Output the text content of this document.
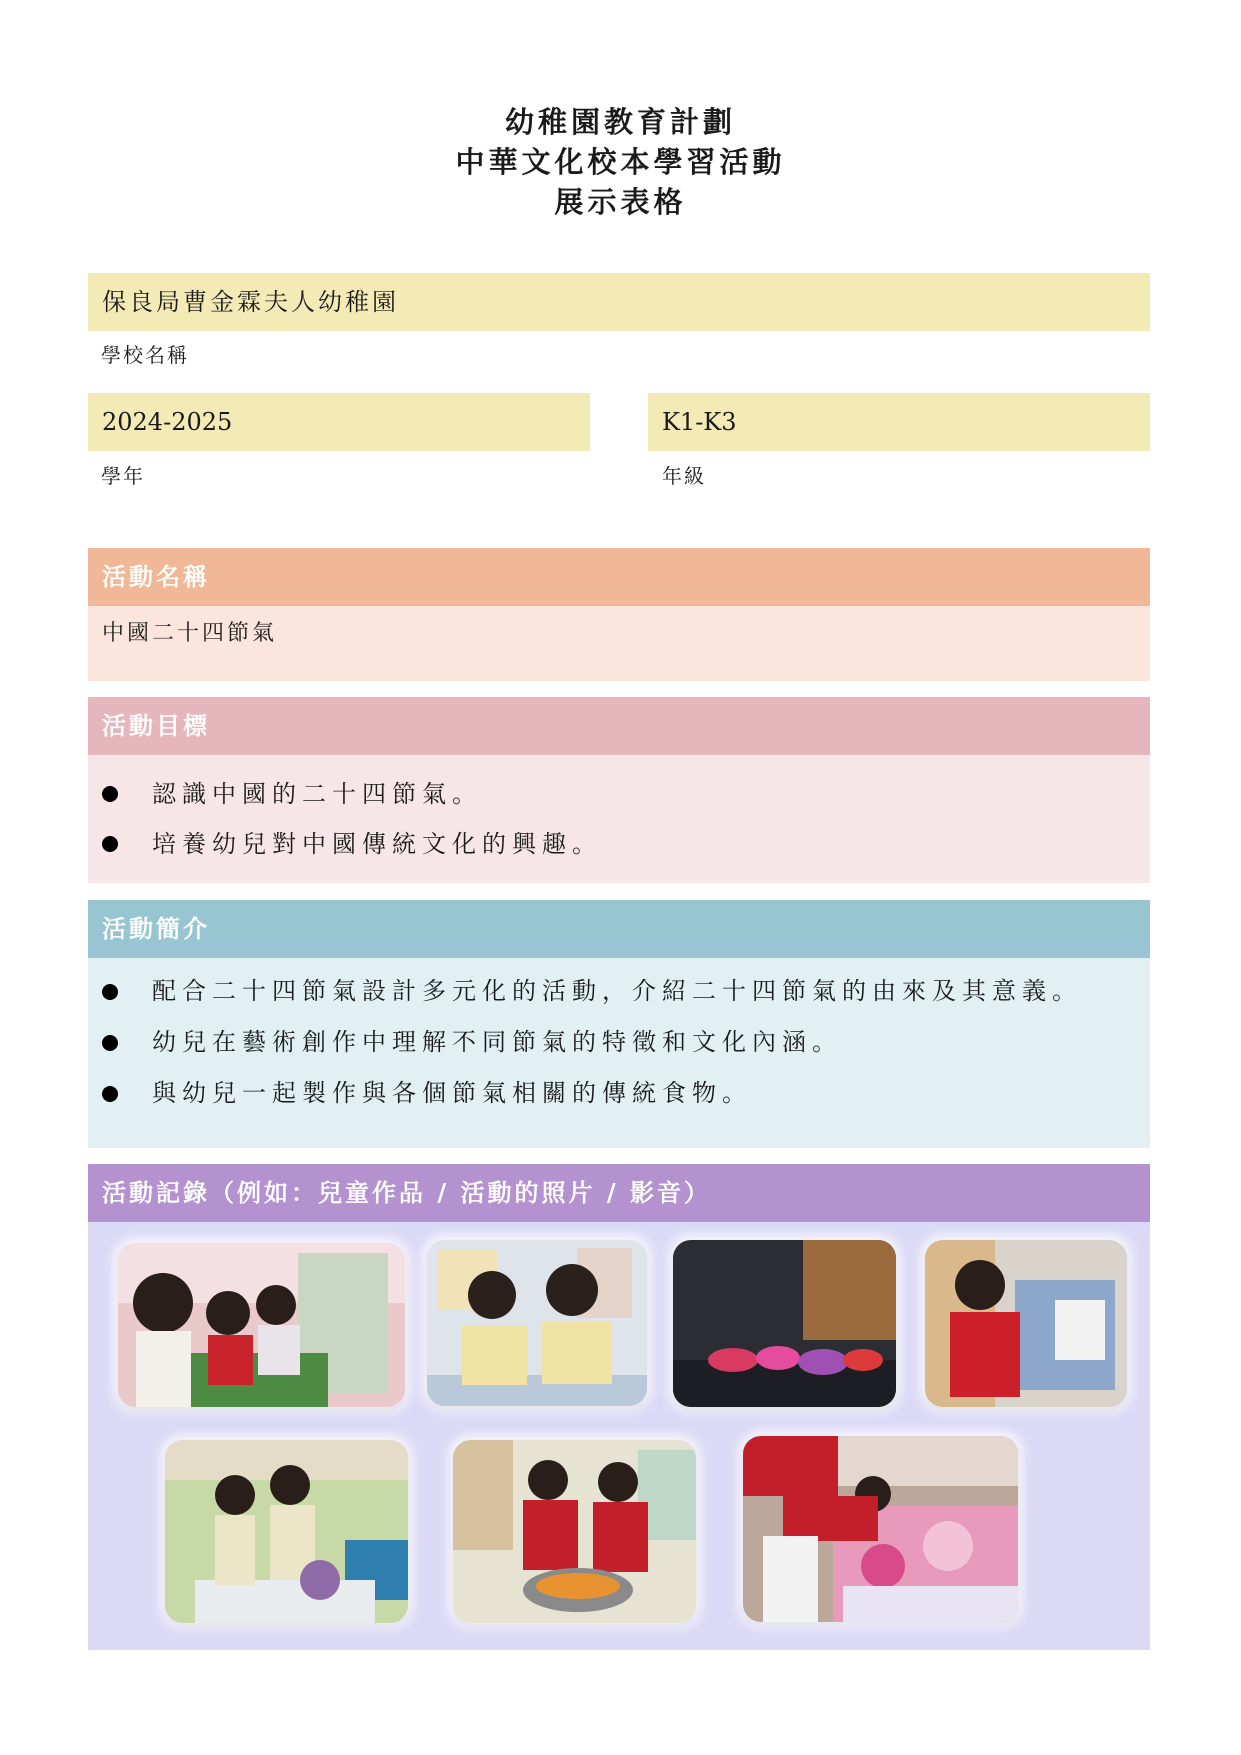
幼稚園教育計劃
中華文化校本學習活動
展示表格
保良局曹金霖夫人幼稚園
學校名稱
2024-2025
學年
K1-K3
年級
活動名稱
中國二十四節氣
活動目標
認識中國的二十四節氣。
培養幼兒對中國傳統文化的興趣。
活動簡介
配合二十四節氣設計多元化的活動，介紹二十四節氣的由來及其意義。
幼兒在藝術創作中理解不同節氣的特徵和文化內涵。
與幼兒一起製作與各個節氣相關的傳統食物。
活動記錄（例如：兒童作品 / 活動的照片 / 影音）
